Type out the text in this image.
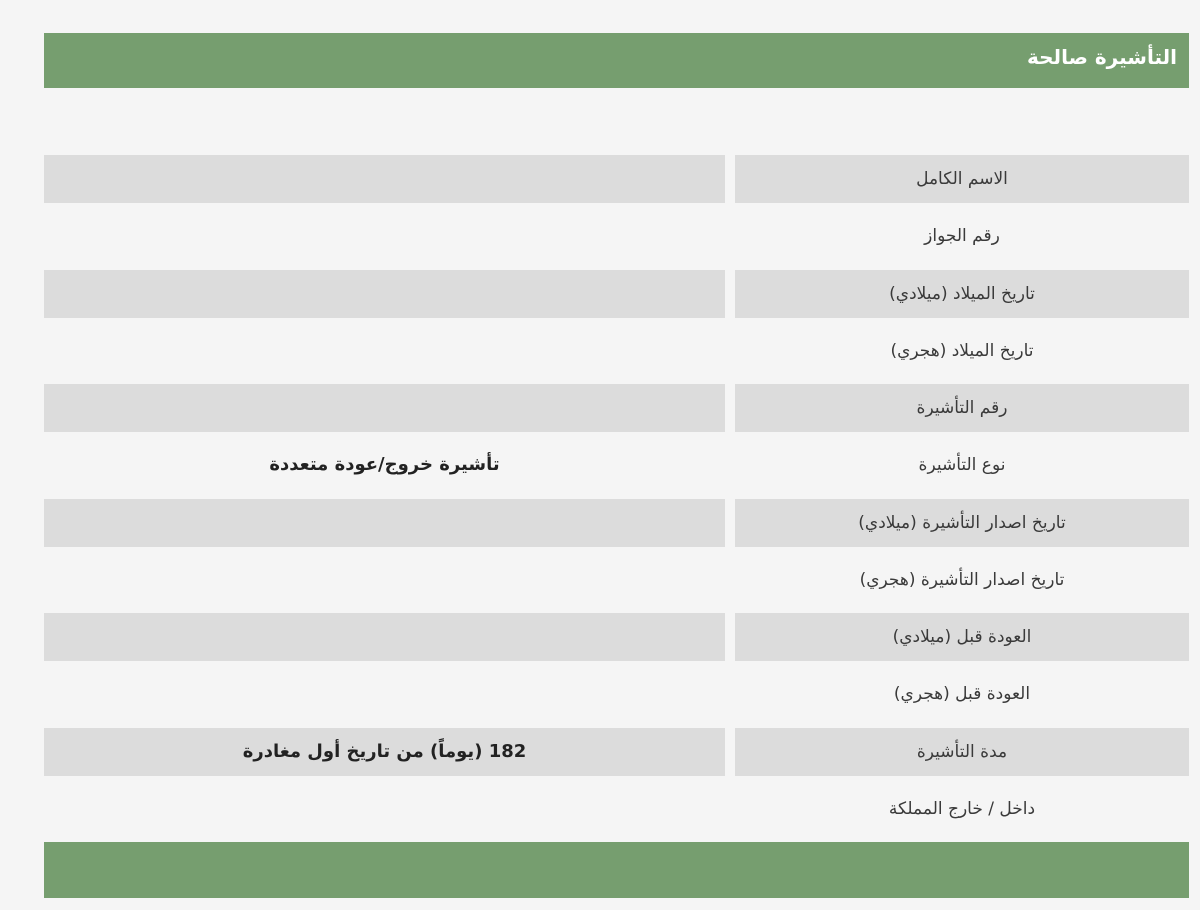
التأشيرة صالحة
الاسم الكامل
رقم الجواز
تاريخ الميلاد (ميلادي)
تاريخ الميلاد (هجري)
رقم التأشيرة
تأشيرة خروج/عودة متعددة	نوع التأشيرة
تاريخ اصدار التأشيرة (ميلادي)
تاريخ اصدار التأشيرة (هجري)
العودة قبل (ميلادي)
العودة قبل (هجري)
182 (يوماً) من تاريخ أول مغادرة	مدة التأشيرة
داخل / خارج المملكة
